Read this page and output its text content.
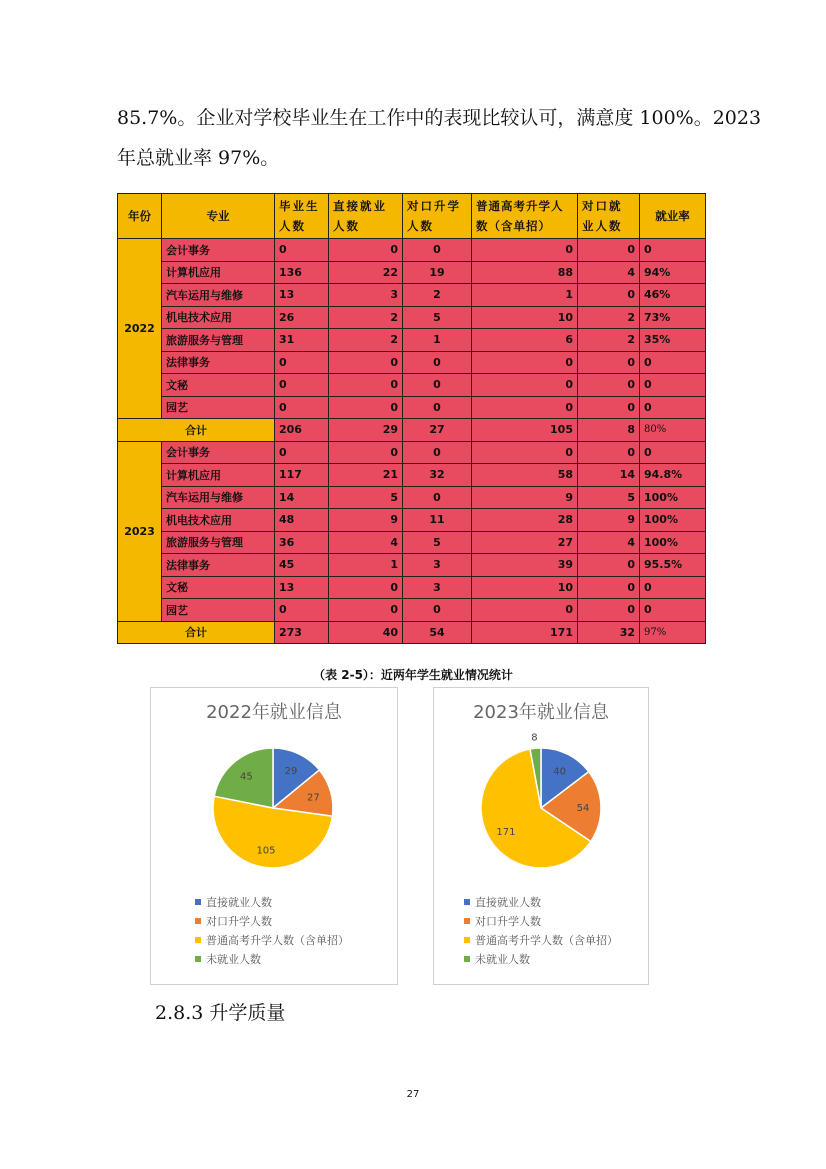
85.7%。企业对学校毕业生在工作中的表现比较认可，满意度 100%。2023
年总就业率 97%。
年份	专业	毕业生人数	直接就业人数	对口升学人数	普通高考升学人数（含单招）	对口就业人数	就业率
2022	会计事务	0	0	0	0	0	0
	计算机应用	136	22	19	88	4	94%
	汽车运用与维修	13	3	2	1	0	46%
	机电技术应用	26	2	5	10	2	73%
	旅游服务与管理	31	2	1	6	2	35%
	法律事务	0	0	0	0	0	0
	文秘	0	0	0	0	0	0
	园艺	0	0	0	0	0	0
合计		206	29	27	105	8	80%
2023	会计事务	0	0	0	0	0	0
	计算机应用	117	21	32	58	14	94.8%
	汽车运用与维修	14	5	0	9	5	100%
	机电技术应用	48	9	11	28	9	100%
	旅游服务与管理	36	4	5	27	4	100%
	法律事务	45	1	3	39	0	95.5%
	文秘	13	0	3	10	0	0
	园艺	0	0	0	0	0	0
合计		273	40	54	171	32	97%
（表 2-5）：近两年学生就业情况统计
2022年就业信息
29
27
105
45
直接就业人数
对口升学人数
普通高考升学人数（含单招）
未就业人数
2023年就业信息
40
54
171
8
直接就业人数
对口升学人数
普通高考升学人数（含单招）
未就业人数
2.8.3 升学质量
27
